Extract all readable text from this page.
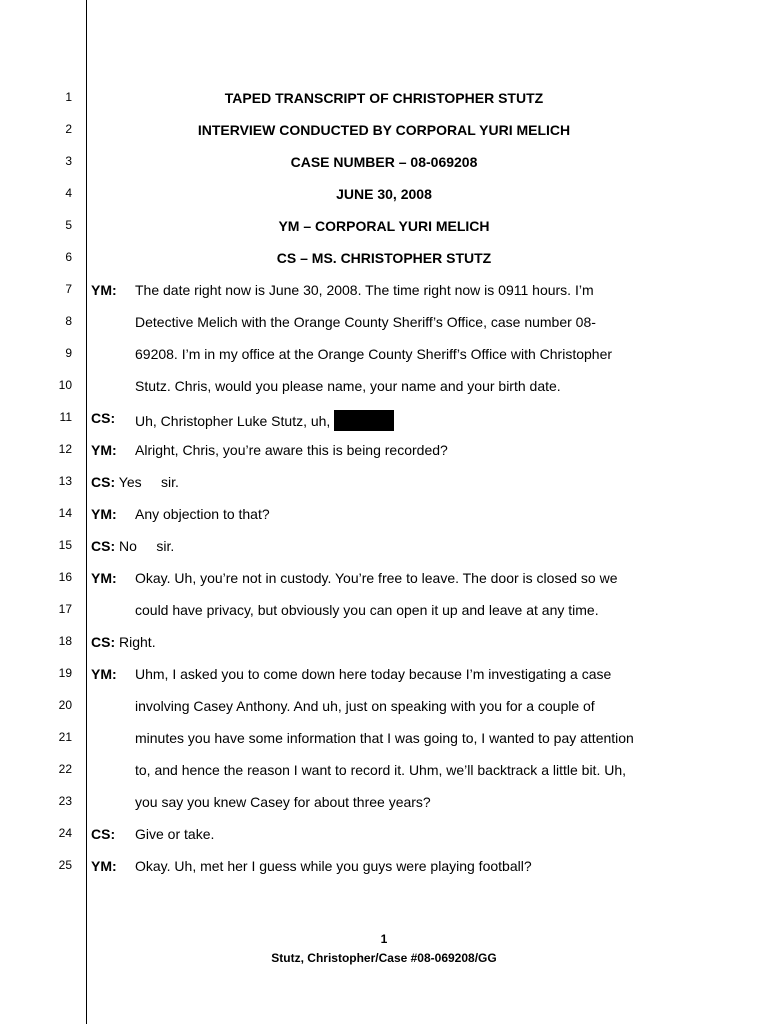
1	TAPED TRANSCRIPT OF CHRISTOPHER STUTZ
2	INTERVIEW CONDUCTED BY CORPORAL YURI MELICH
3	CASE NUMBER – 08-069208
4	JUNE 30, 2008
5	YM – CORPORAL YURI MELICH
6	CS – MS. CHRISTOPHER STUTZ
7 YM: The date right now is June 30, 2008. The time right now is 0911 hours. I’m
8	Detective Melich with the Orange County Sheriff’s Office, case number 08-
9	69208. I’m in my office at the Orange County Sheriff’s Office with Christopher
10	Stutz. Chris, would you please name, your name and your birth date.
11 CS: Uh, Christopher Luke Stutz, uh,
12 YM: Alright, Chris, you’re aware this is being recorded?
13 CS: Yes     sir.
14 YM: Any objection to that?
15 CS: No     sir.
16 YM: Okay. Uh, you’re not in custody. You’re free to leave. The door is closed so we
17	could have privacy, but obviously you can open it up and leave at any time.
18 CS: Right.
19 YM: Uhm, I asked you to come down here today because I’m investigating a case
20	involving Casey Anthony. And uh, just on speaking with you for a couple of
21	minutes you have some information that I was going to, I wanted to pay attention
22	to, and hence the reason I want to record it. Uhm, we’ll backtrack a little bit. Uh,
23	you say you knew Casey for about three years?
24 CS: Give or take.
25 YM: Okay. Uh, met her I guess while you guys were playing football?
1
Stutz, Christopher/Case #08-069208/GG
